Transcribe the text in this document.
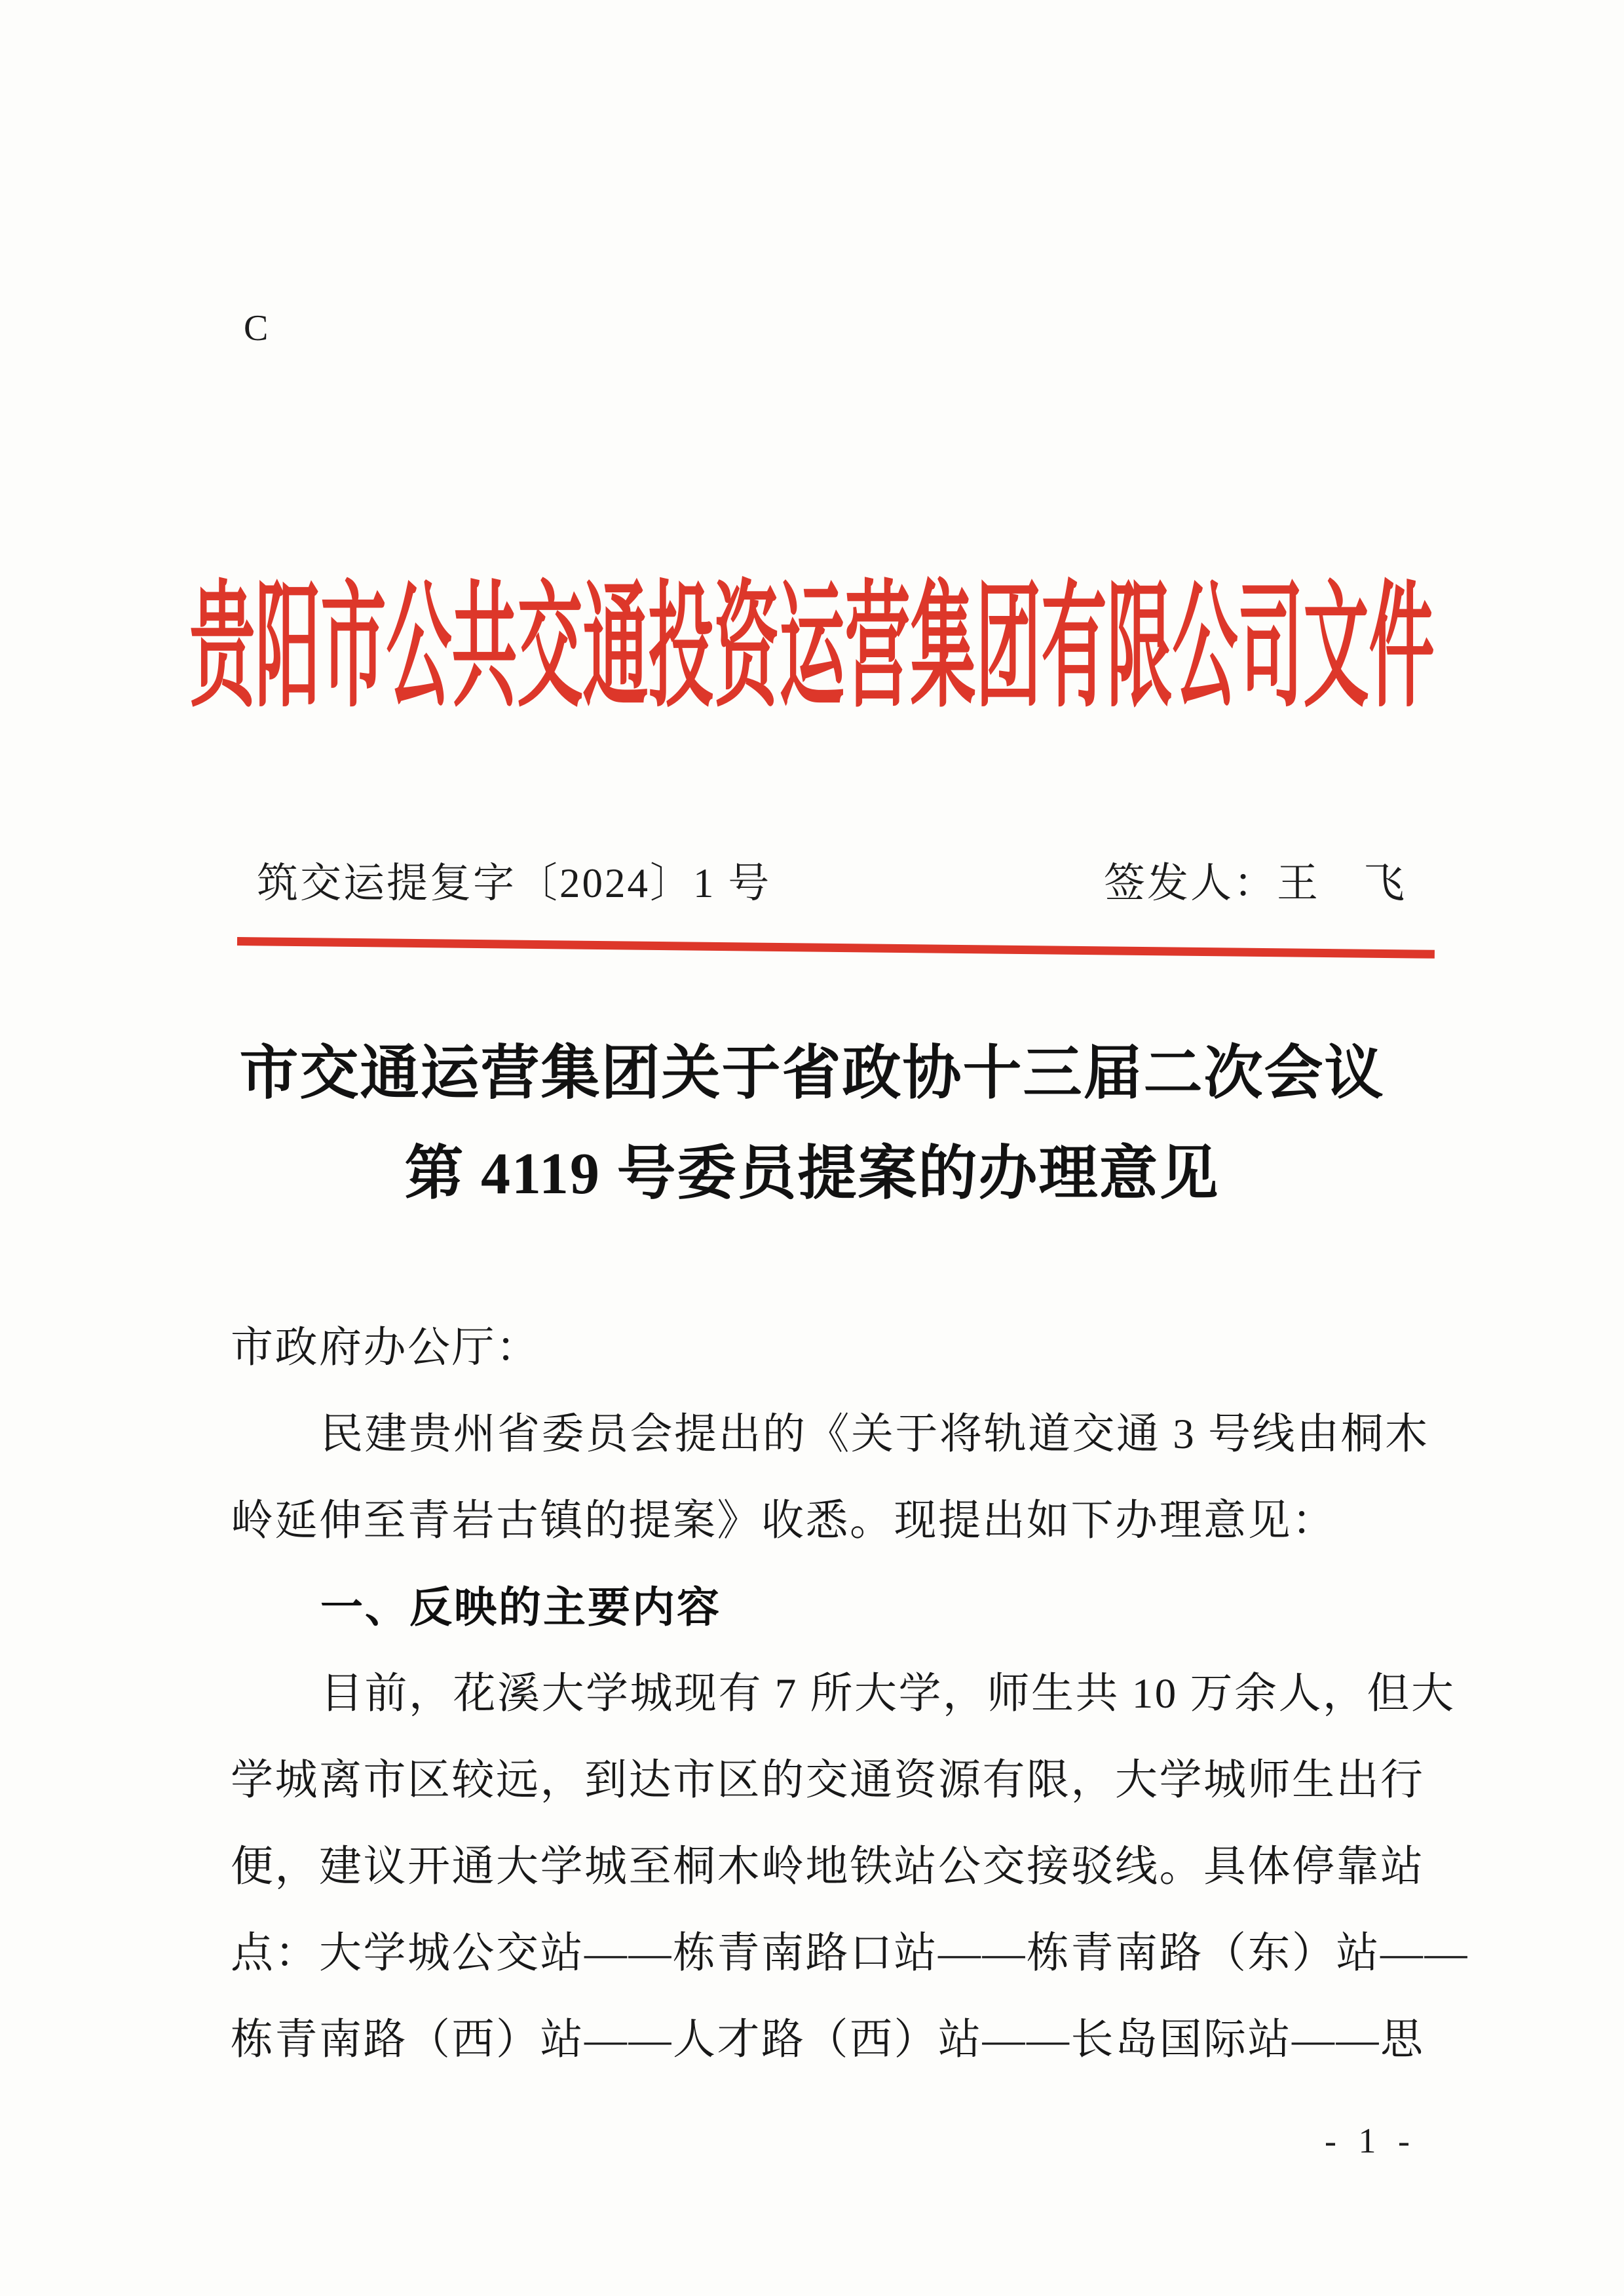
C
贵阳市公共交通投资运营集团有限公司文件
筑交运提复字〔2024〕1 号	签发人：王　飞
市交通运营集团关于省政协十三届二次会议
第 4119 号委员提案的办理意见
市政府办公厅：
民建贵州省委员会提出的《关于将轨道交通 3 号线由桐木
岭延伸至青岩古镇的提案》收悉。现提出如下办理意见：
一、反映的主要内容
目前，花溪大学城现有 7 所大学，师生共 10 万余人，但大
学城离市区较远，到达市区的交通资源有限，大学城师生出行
便，建议开通大学城至桐木岭地铁站公交接驳线。具体停靠站
点：大学城公交站——栋青南路口站——栋青南路（东）站——
栋青南路（西）站——人才路（西）站——长岛国际站——思
- 1 -
